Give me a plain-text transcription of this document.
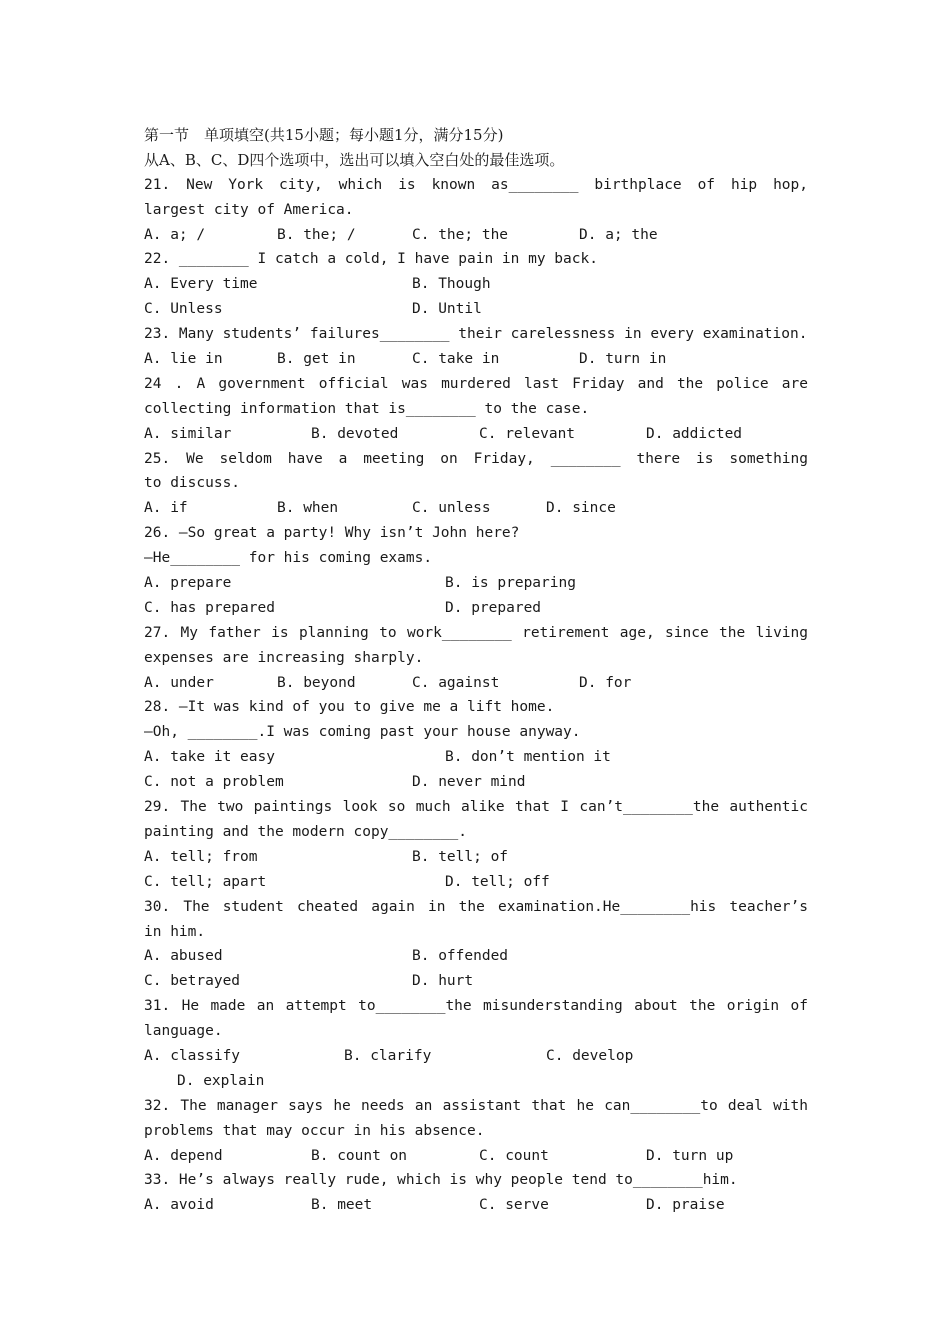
第一节　单项填空(共15小题；每小题1分，满分15分)
从A、B、C、D四个选项中，选出可以填入空白处的最佳选项。
21. New York city, which is known as________ birthplace of hip hop,
largest city of America.
A. a; /	B. the; /	C. the; the	D. a; the
22. ________ I catch a cold, I have pain in my back.
A. Every time	B. Though
C. Unless	D. Until
23. Many students’ failures________ their carelessness in every examination.
A. lie in	B. get in	C. take in	D. turn in
24 . A government official was murdered last Friday and the police are
collecting information that is________ to the case.
A. similar	B. devoted	C. relevant	D. addicted
25. We seldom have a meeting on Friday, ________ there is something
to discuss.
A. if	B. when	C. unless	D. since
26. —So great a party! Why isn’t John here?
—He________ for his coming exams.
A. prepare	B. is preparing
C. has prepared	D. prepared
27. My father is planning to work________ retirement age, since the living
expenses are increasing sharply.
A. under	B. beyond	C. against	D. for
28. —It was kind of you to give me a lift home.
—Oh, ________.I was coming past your house anyway.
A. take it easy	B. don’t mention it
C. not a problem	D. never mind
29. The two paintings look so much alike that I can’t________the authentic
painting and the modern copy________.
A. tell; from	B. tell; of
C. tell; apart	D. tell; off
30. The student cheated again in the examination.He________his teacher’s
in him.
A. abused	B. offended
C. betrayed	D. hurt
31. He made an attempt to________the misunderstanding about the origin of
language.
A. classify	B. clarify	C. develop
D. explain
32. The manager says he needs an assistant that he can________to deal with
problems that may occur in his absence.
A. depend	B. count on	C. count	D. turn up
33. He’s always really rude, which is why people tend to________him.
A. avoid	B. meet	C. serve	D. praise
